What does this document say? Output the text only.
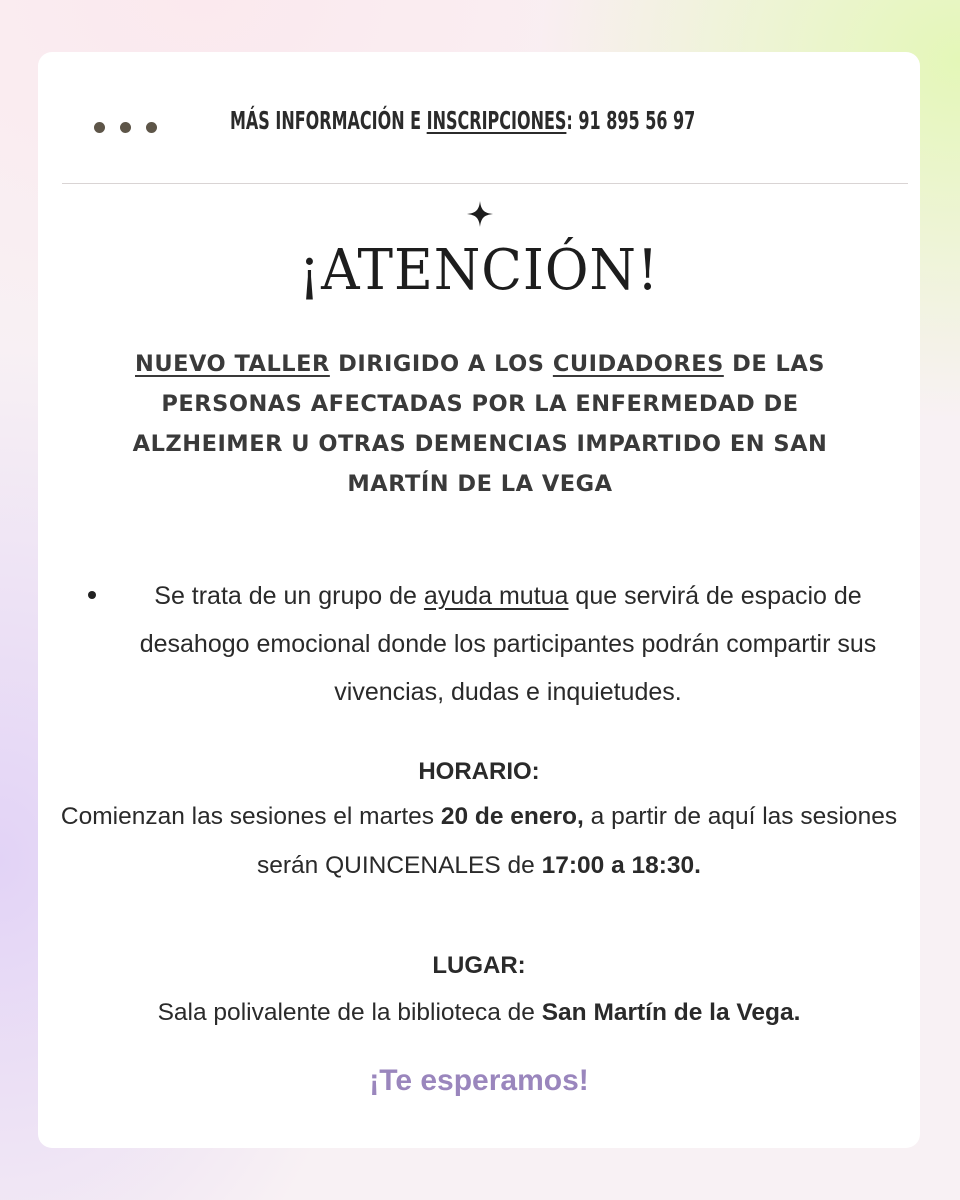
MÁS INFORMACIÓN E INSCRIPCIONES: 91 895 56 97
¡ATENCIÓN!
NUEVO TALLER DIRIGIDO A LOS CUIDADORES DE LAS PERSONAS AFECTADAS POR LA ENFERMEDAD DE ALZHEIMER U OTRAS DEMENCIAS IMPARTIDO EN SAN MARTÍN DE LA VEGA
Se trata de un grupo de ayuda mutua que servirá de espacio de desahogo emocional donde los participantes podrán compartir sus vivencias, dudas e inquietudes.
HORARIO:
Comienzan las sesiones el martes 20 de enero, a partir de aquí las sesiones serán QUINCENALES de 17:00 a 18:30.
LUGAR:
Sala polivalente de la biblioteca de San Martín de la Vega.
¡Te esperamos!
